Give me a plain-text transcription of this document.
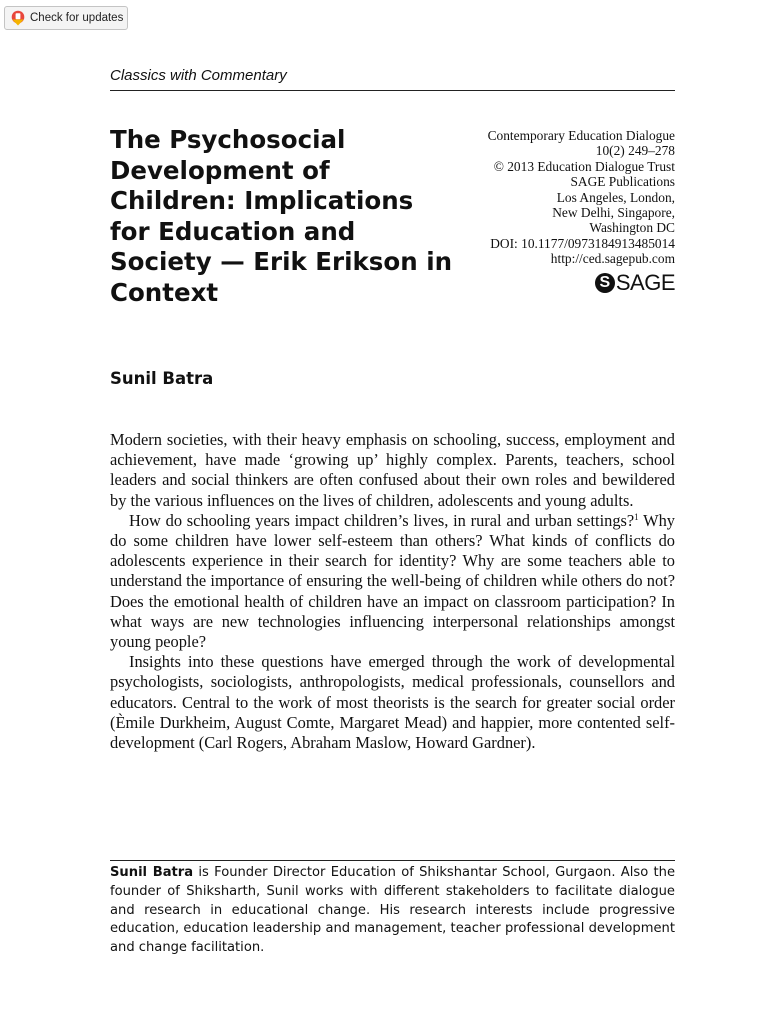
Check for updates
Classics with Commentary
The Psychosocial Development of Children: Implications for Education and Society — Erik Erikson in Context
Contemporary Education Dialogue
10(2) 249–278
© 2013 Education Dialogue Trust
SAGE Publications
Los Angeles, London,
New Delhi, Singapore,
Washington DC
DOI: 10.1177/0973184913485014
http://ced.sagepub.com
S SAGE
Sunil Batra

Modern societies, with their heavy emphasis on schooling, success, employment and achievement, have made ‘growing up’ highly complex. Parents, teachers, school leaders and social thinkers are often confused about their own roles and bewildered by the various influences on the lives of children, adolescents and young adults.

How do schooling years impact children’s lives, in rural and urban settings?$^1$ Why do some children have lower self-esteem than others? What kinds of conflicts do adolescents experience in their search for identity? Why are some teachers able to understand the importance of ensuring the well-being of children while others do not? Does the emotional health of children have an impact on classroom participation? In what ways are new technologies influencing interpersonal relationships amongst young people?

Insights into these questions have emerged through the work of developmental psychologists, sociologists, anthropologists, medical professionals, counsellors and educators. Central to the work of most theorists is the search for greater social order (Èmile Durkheim, August Comte, Margaret Mead) and happier, more contented self-development (Carl Rogers, Abraham Maslow, Howard Gardner).

Sunil Batra is Founder Director Education of Shikshantar School, Gurgaon. Also the founder of Shiksharth, Sunil works with different stakeholders to facilitate dialogue and research in educational change. His research interests include progressive education, education leadership and management, teacher professional development and change facilitation.
